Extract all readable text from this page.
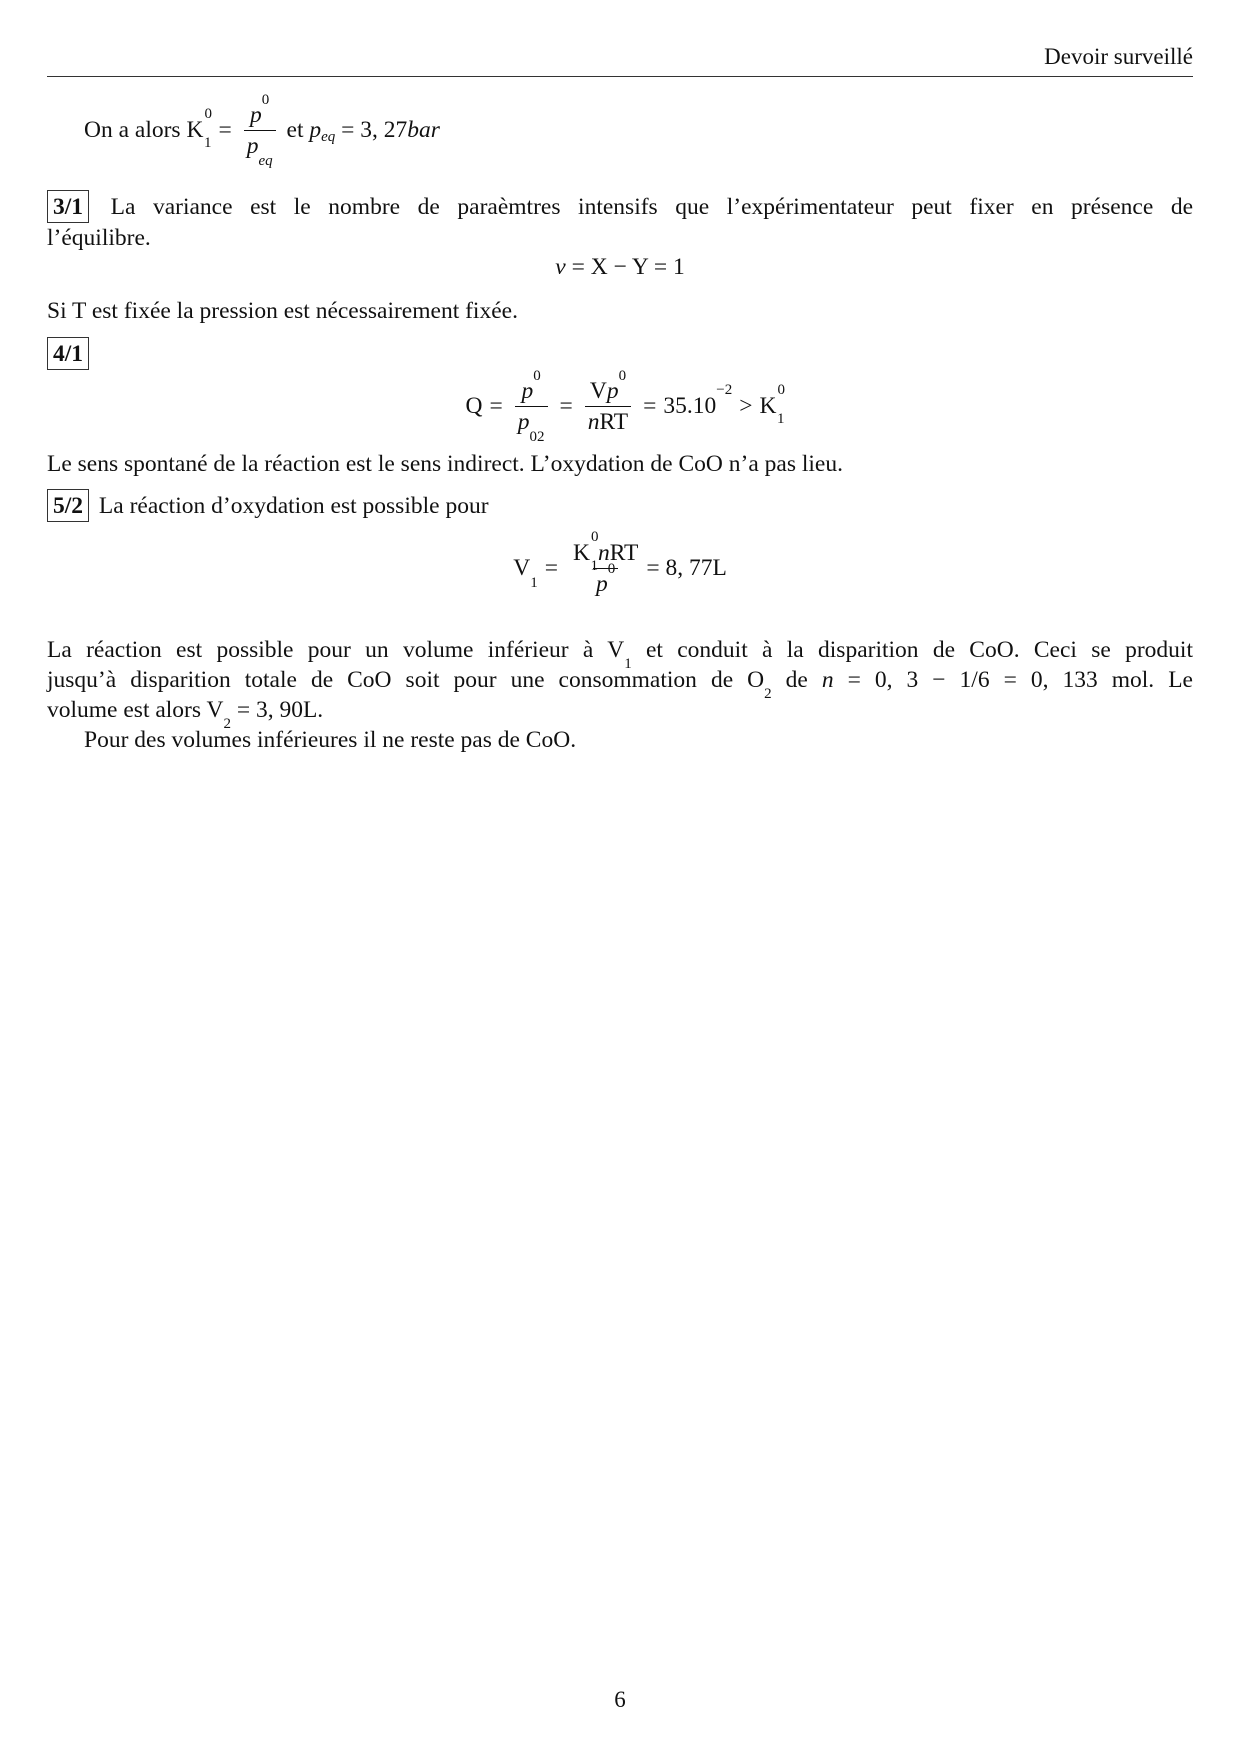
Devoir surveillé
On a alors $K^0_1 = \frac{p^0}{p_{eq}}$ et $p_{eq} = 3$, 27 bar
3/1 La variance est le nombre de paraèmtres intensifs que l’expérimentateur peut fixer en présence de
l’équilibre.
v = X − Y = 1
Si T est fixée la pression est nécessairement fixée.
4/1
$Q = \frac{p^0}{p_{02}} = \frac{Vp^0}{\text{nRT}} = 35.10^{-2}$
> $K^0_1$
Le sens spontané de la réaction est le sens indirect. L’oxydation de CoO n’a pas lieu.
5/2 La réaction d’oxydation est possible pour
$V_1$
= $\frac{K^0_1nRT}{p^0} = 8$, 77L
La réaction est possible pour un volume inférieur à $V_1$ et conduit à la disparition de CoO. Ceci se produit
jusqu’à disparition totale de CoO soit pour une consommation de $O_2$ de n = 0, 3 − 1/6 = 0, 133 mol. Le
volume est alors $V_2 = 3$, 90L.
Pour des volumes inférieures il ne reste pas de CoO.
6
